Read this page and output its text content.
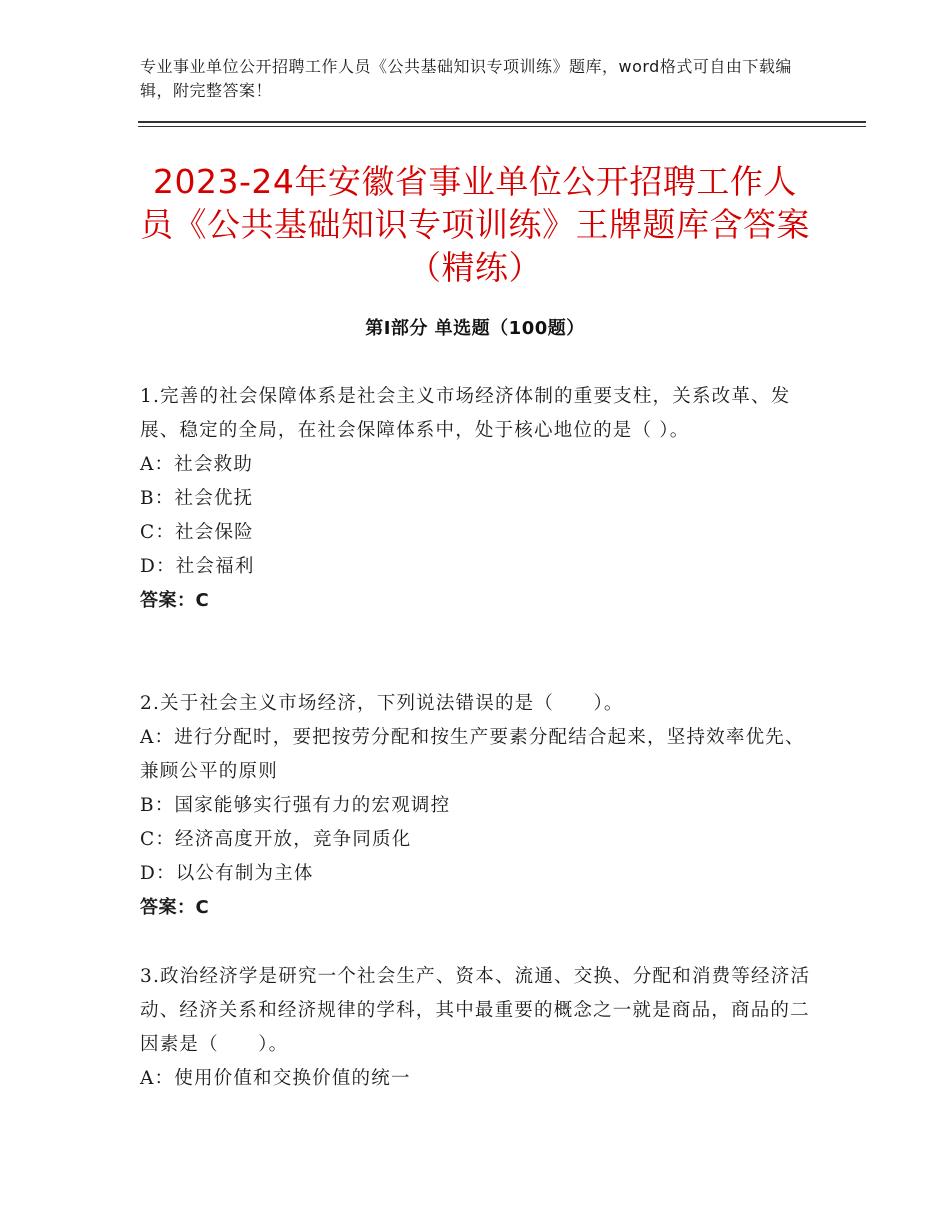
专业事业单位公开招聘工作人员《公共基础知识专项训练》题库，word格式可自由下载编辑，附完整答案！
2023-24年安徽省事业单位公开招聘工作人员《公共基础知识专项训练》王牌题库含答案（精练）
第Ⅰ部分 单选题（100题）

1.完善的社会保障体系是社会主义市场经济体制的重要支柱，关系改革、发展、稳定的全局，在社会保障体系中，处于核心地位的是（ ）。

A：社会救助

B：社会优抚

C：社会保险

D：社会福利

答案：C

2.关于社会主义市场经济，下列说法错误的是（　　）。

A：进行分配时，要把按劳分配和按生产要素分配结合起来，坚持效率优先、兼顾公平的原则

B：国家能够实行强有力的宏观调控

C：经济高度开放，竞争同质化

D：以公有制为主体

答案：C

3.政治经济学是研究一个社会生产、资本、流通、交换、分配和消费等经济活动、经济关系和经济规律的学科，其中最重要的概念之一就是商品，商品的二因素是（　　）。

A：使用价值和交换价值的统一
